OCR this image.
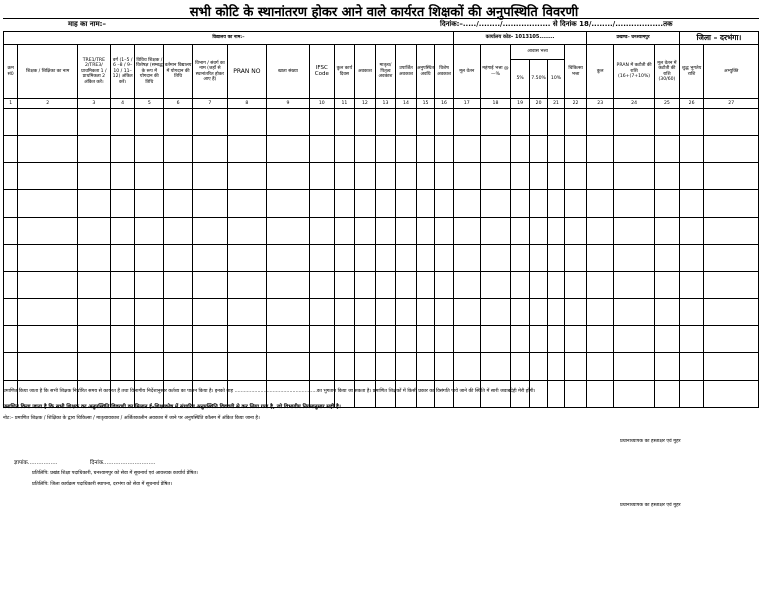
सभी कोटि के स्थानांतरण होकर आने वाले कार्यरत शिक्षकों की अनुपस्थिति विवरणी
माह का नाम:–	दिनांक:–...../......../.................. से दिनांक 18/......../..................तक
विद्यालय का नाम:–																कार्यालय कोड– 1013105........						प्रखण्ड– घनश्यामपुर			जिला – दरभंगा।	
क्रम सं0	शिक्षक / शिक्षिका का नाम	TRE1/TRE 2/TRE3/ प्राथमिकता 1 / प्राथमिकता 2 अंकित करें।	वर्ग (1–5 / 6 –8 / 9– 10 / 11– 12) अंकित करें।	विविध शिक्षक / विशेषज्ञ (सम्बद्ध के रूप में योगदान की तिथि	वर्तमान विद्यालय में योगदान की तिथि	विभाग / संवर्ग का नाम (जहाँ से स्थानांतरित होकर आए हैं)	PRAN NO	खाता संख्या	IFSC Code	कुल कार्य दिवस	अवकाश	मातृत्व/ पितृत्व अवकाश	उपार्जित अवकाश	अनुपस्थित अवधि	विशेष अवकाश	मूल वेतन	महंगाई भत्ता @—%	आवास भत्ता			चिकित्सा भत्ता	कुल	PRAN में कटौती की राशि
(16+(7+10%)	मूल वेतन में कटौती की राशि (30/60)	शुद्ध भुगतेय राशि	अभ्युक्ति
																		5%	7.50%	10%						
1	2	3	4	5	6	7	8	9	10	11	12	13	14	15	16	17	18	19	20	21	22	23	24	25	26	27

प्रमाणित किया जाता है कि सभी शिक्षक निर्धारित समय से कार्यरत हैं तथा विभागीय निर्देशानुसार कर्तव्य का पालन किया है। इनको माह ......................................................का भुगतान किया जा सकता है। प्रमाणित शिक्षकों में किसी प्रकार का विसंगति पाये जाने की स्थिति में सारी जवाबदेही मेरी होगी।
प्रमाणित किया जाता है कि सभी शिक्षक का अनुपस्थिति विवरणी का मिलान ई–शिक्षाकोष में संधारित अनुपस्थिति विवरणी से कर लिया गया है, जो विभागीय नियमानुसार सही है।
नोट:– प्रमाणित शिक्षक / शिक्षिका के द्वारा चिकित्सा / मातृत्वावकाश / अर्जितकालीन अवकाश में जाने पर अनुपस्थिति कॉलम में अंकित किया जाना है।
प्रधानाध्यापक का हस्ताक्षर एवं मुहर
ज्ञापांक.................	दिनांक..............................
प्रतिलिपि: प्रखंड शिक्षा पदाधिकारी, घनश्यामपुर को सेवा में सूचनार्थ एवं आवश्यक कार्यार्थ प्रेषित।
प्रतिलिपि: जिला कार्यक्रम पदाधिकारी स्थापना, दरभंगा को सेवा में सूचनार्थ प्रेषित।
प्रधानाध्यापक का हस्ताक्षर एवं मुहर
